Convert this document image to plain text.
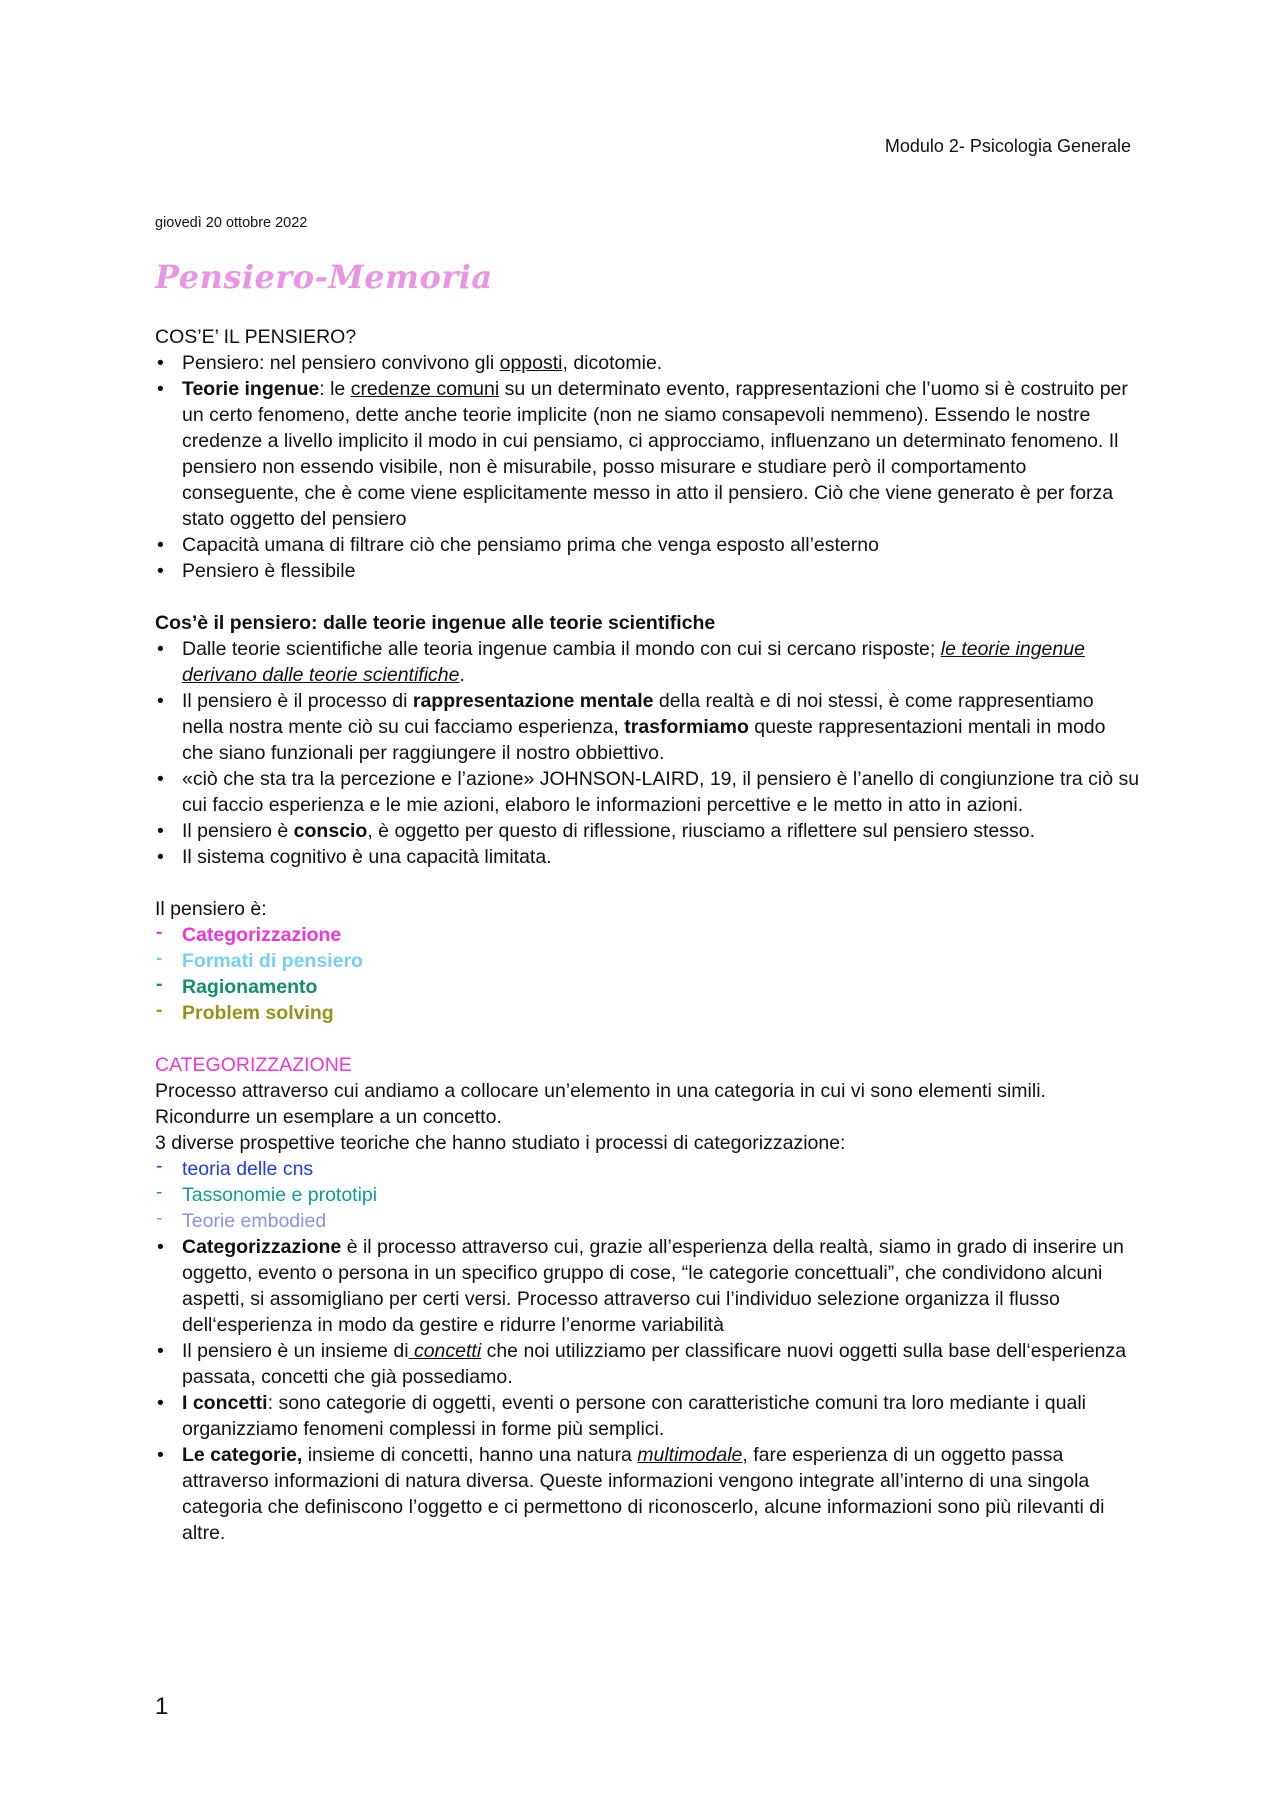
Modulo 2- Psicologia Generale
giovedì 20 ottobre 2022
Pensiero-Memoria

COS’E’ IL PENSIERO?

• Pensiero: nel pensiero convivono gli opposti, dicotomie.
• Teorie ingenue: le credenze comuni su un determinato evento, rappresentazioni che l’uomo si è costruito per un certo fenomeno, dette anche teorie implicite (non ne siamo consapevoli nemmeno). Essendo le nostre credenze a livello implicito il modo in cui pensiamo, ci approcciamo, influenzano un determinato fenomeno. Il pensiero non essendo visibile, non è misurabile, posso misurare e studiare però il comportamento conseguente, che è come viene esplicitamente messo in atto il pensiero. Ciò che viene generato è per forza stato oggetto del pensiero
• Capacità umana di filtrare ciò che pensiamo prima che venga esposto all’esterno
• Pensiero è flessibile

Cos’è il pensiero: dalle teorie ingenue alle teorie scientifiche

• Dalle teorie scientifiche alle teoria ingenue cambia il mondo con cui si cercano risposte; le teorie ingenue derivano dalle teorie scientifiche.
• Il pensiero è il processo di rappresentazione mentale della realtà e di noi stessi, è come rappresentiamo nella nostra mente ciò su cui facciamo esperienza, trasformiamo queste rappresentazioni mentali in modo che siano funzionali per raggiungere il nostro obbiettivo.
• «ciò che sta tra la percezione e l’azione» JOHNSON-LAIRD, 19, il pensiero è l’anello di congiunzione tra ciò su cui faccio esperienza e le mie azioni, elaboro le informazioni percettive e le metto in atto in azioni.
• Il pensiero è conscio, è oggetto per questo di riflessione, riusciamo a riflettere sul pensiero stesso.
• Il sistema cognitivo è una capacità limitata.

Il pensiero è:

- Categorizzazione
- Formati di pensiero
- Ragionamento
- Problem solving

CATEGORIZZAZIONE

Processo attraverso cui andiamo a collocare un’elemento in una categoria in cui vi sono elementi simili. Ricondurre un esemplare a un concetto.

3 diverse prospettive teoriche che hanno studiato i processi di categorizzazione:

- teoria delle cns
- Tassonomie e prototipi
- Teorie embodied
• Categorizzazione è il processo attraverso cui, grazie all’esperienza della realtà, siamo in grado di inserire un oggetto, evento o persona in un specifico gruppo di cose, “le categorie concettuali”, che condividono alcuni aspetti, si assomigliano per certi versi. Processo attraverso cui l’individuo selezione organizza il flusso dell‘esperienza in modo da gestire e ridurre l’enorme variabilità
• Il pensiero è un insieme di concetti che noi utilizziamo per classificare nuovi oggetti sulla base dell‘esperienza passata, concetti che già possediamo.
• I concetti: sono categorie di oggetti, eventi o persone con caratteristiche comuni tra loro mediante i quali organizziamo fenomeni complessi in forme più semplici.
• Le categorie, insieme di concetti, hanno una natura multimodale, fare esperienza di un oggetto passa attraverso informazioni di natura diversa. Queste informazioni vengono integrate all’interno di una singola categoria che definiscono l’oggetto e ci permettono di riconoscerlo, alcune informazioni sono più rilevanti di altre.
1
